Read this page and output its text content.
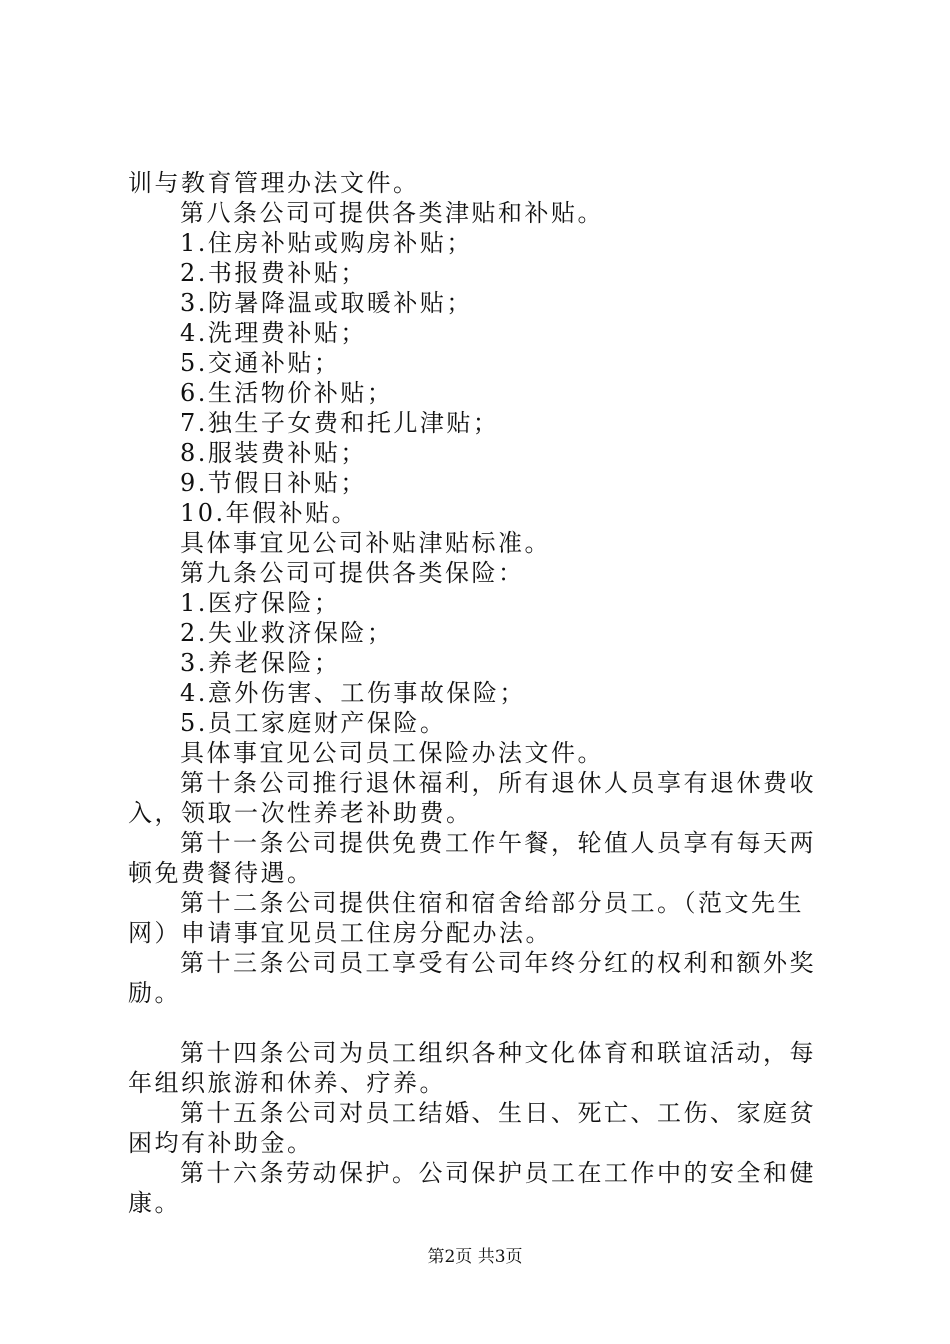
训与教育管理办法文件。

第八条公司可提供各类津贴和补贴。

1.住房补贴或购房补贴；

2.书报费补贴；

3.防暑降温或取暖补贴；

4.洗理费补贴；

5.交通补贴；

6.生活物价补贴；

7.独生子女费和托儿津贴；

8.服装费补贴；

9.节假日补贴；

10.年假补贴。

具体事宜见公司补贴津贴标准。

第九条公司可提供各类保险：

1.医疗保险；

2.失业救济保险；

3.养老保险；

4.意外伤害、工伤事故保险；

5.员工家庭财产保险。

具体事宜见公司员工保险办法文件。

第十条公司推行退休福利，所有退休人员享有退休费收入，领取一次性养老补助费。

第十一条公司提供免费工作午餐，轮值人员享有每天两顿免费餐待遇。

第十二条公司提供住宿和宿舍给部分员工。（范文先生网）申请事宜见员工住房分配办法。

第十三条公司员工享受有公司年终分红的权利和额外奖励。

第十四条公司为员工组织各种文化体育和联谊活动，每年组织旅游和休养、疗养。

第十五条公司对员工结婚、生日、死亡、工伤、家庭贫困均有补助金。

第十六条劳动保护。公司保护员工在工作中的安全和健康。

第2页 共3页
